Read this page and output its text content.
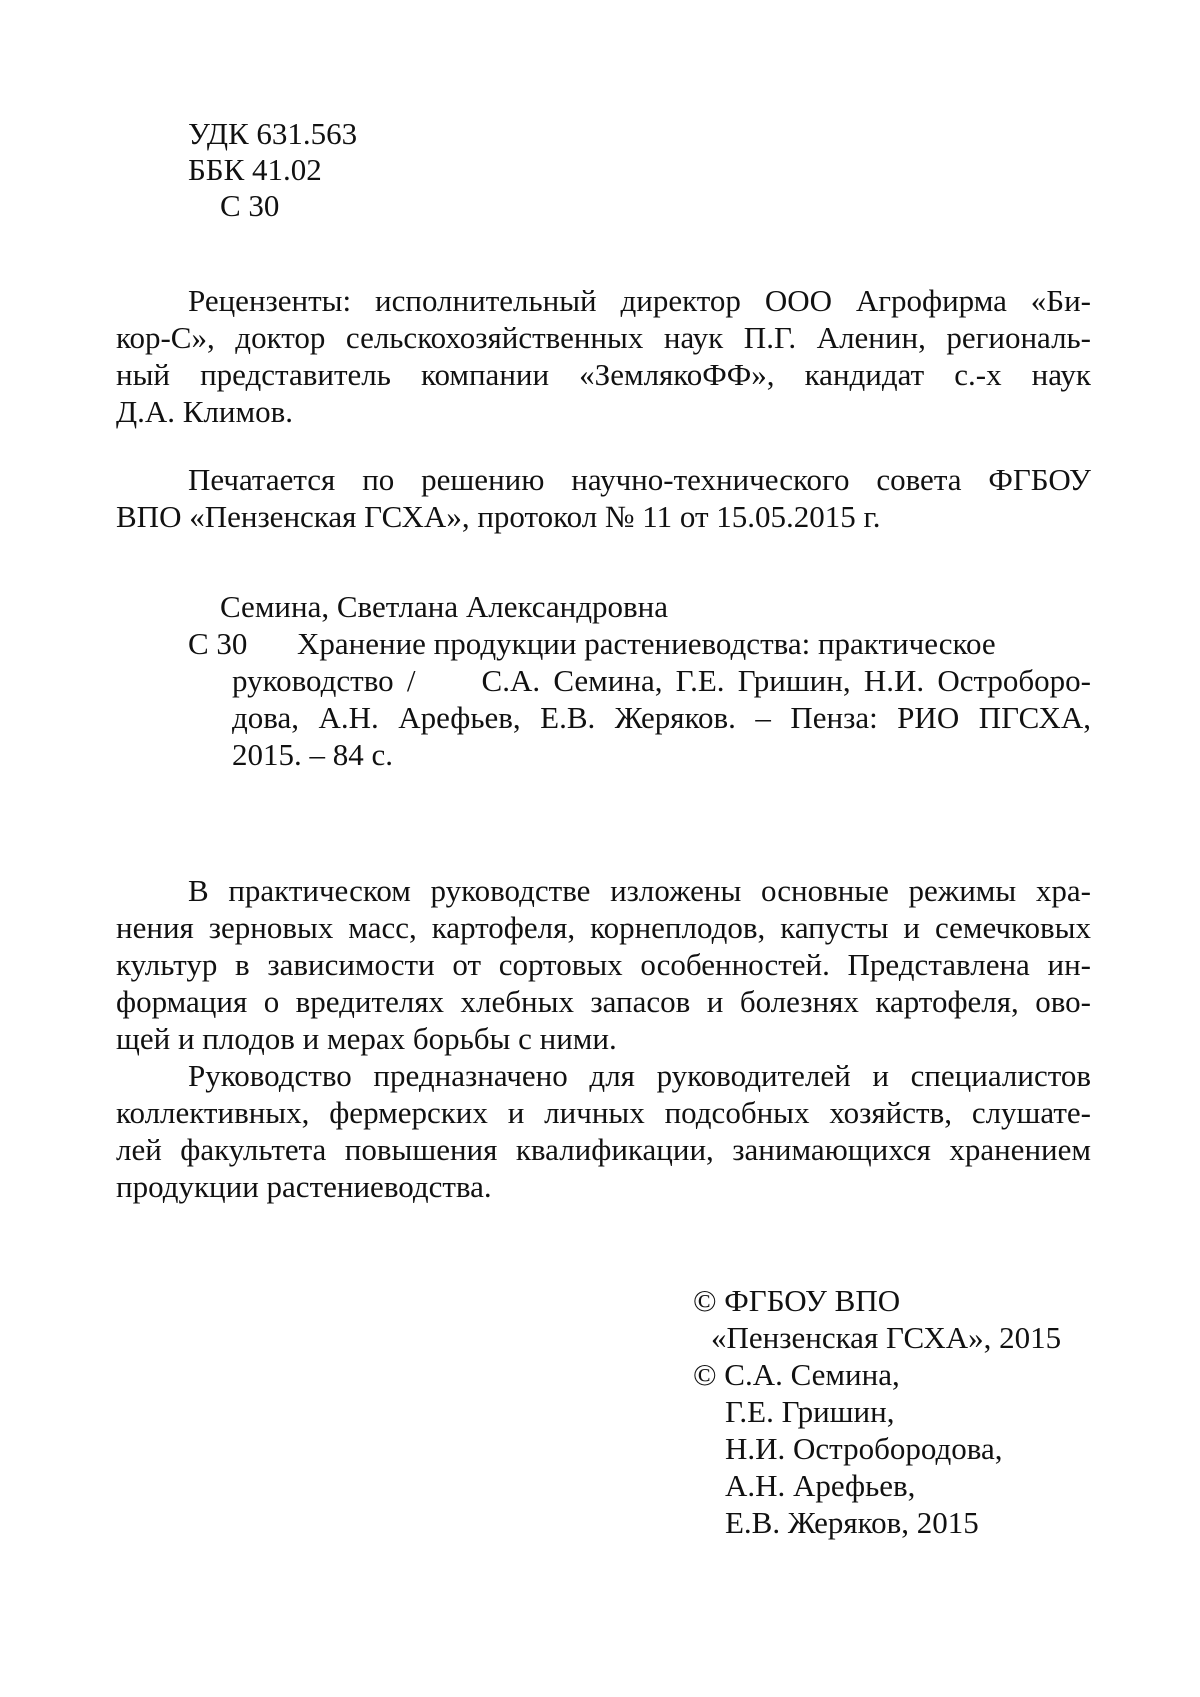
УДК 631.563
ББК 41.02
С 30
Рецензенты: исполнительный директор ООО Агрофирма «Би-
кор-С», доктор сельскохозяйственных наук П.Г. Аленин, региональ-
ный представитель компании «ЗемлякоФФ», кандидат с.-х наук
Д.А. Климов.
Печатается по решению научно-технического совета ФГБОУ
ВПО «Пензенская ГСХА», протокол № 11 от 15.05.2015 г.
Семина, Светлана Александровна
С 30 Хранение продукции растениеводства: практическое
руководство /     С.А. Семина, Г.Е. Гришин, Н.И. Остроборо-
дова, А.Н. Арефьев, Е.В. Жеряков. – Пенза: РИО ПГСХА,
2015. – 84 с.
В практическом руководстве изложены основные режимы хра-
нения зерновых масс, картофеля, корнеплодов, капусты и семечковых
культур в зависимости от сортовых особенностей. Представлена ин-
формация о вредителях хлебных запасов и болезнях картофеля, ово-
щей и плодов и мерах борьбы с ними.
Руководство предназначено для руководителей и специалистов
коллективных, фермерских и личных подсобных хозяйств, слушате-
лей факультета повышения квалификации, занимающихся хранением
продукции растениеводства.
© ФГБОУ ВПО
«Пензенская ГСХА», 2015
© С.А. Семина,
Г.Е. Гришин,
Н.И. Остробородова,
А.Н. Арефьев,
Е.В. Жеряков, 2015
